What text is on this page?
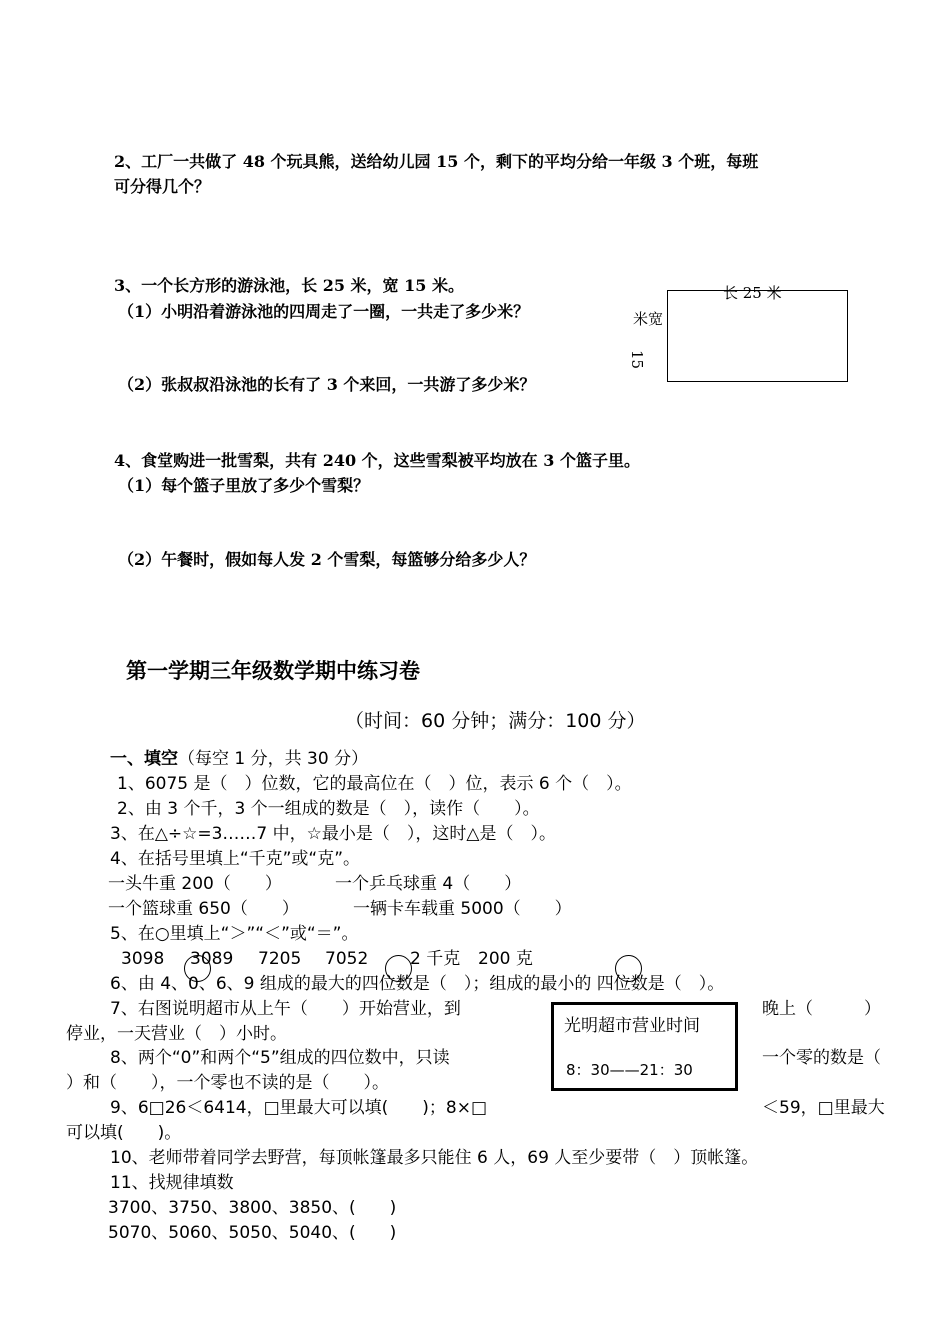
2、工厂一共做了 48 个玩具熊，送给幼儿园 15 个，剩下的平均分给一年级 3 个班，每班
可分得几个？
3、一个长方形的游泳池，长 25 米，宽 15 米。
（1）小明沿着游泳池的四周走了一圈，一共走了多少米？
（2）张叔叔沿泳池的长有了 3 个来回，一共游了多少米？
长 25 米
米宽
15
4、食堂购进一批雪梨，共有 240 个，这些雪梨被平均放在 3 个篮子里。
（1）每个篮子里放了多少个雪梨？
（2）午餐时，假如每人发 2 个雪梨，每篮够分给多少人？
第一学期三年级数学期中练习卷
（时间：60 分钟；满分：100 分）
一、填空（每空 1 分，共 30 分）
1、6075 是（　）位数，它的最高位在（　）位，表示 6 个（　）。
2、由 3 个千，3 个一组成的数是（　），读作（　　）。
3、在△÷☆=3……7 中，☆最小是（　），这时△是（　）。
4、在括号里填上“千克”或“克”。
一头牛重 200（　　）	一个乒乓球重 4（　　）
一个篮球重 650（　　）	一辆卡车载重 5000（　　）
5、在○里填上“＞”“＜”或“＝”。
3098 3089 7205 7052 2 千克 200 克
6、由 4、0、6、9 组成的最大的四位数是（　）；组成的最小的 四位数是（　）。
7、右图说明超市从上午（　　）开始营业，到	晚上（　　　）
停业，一天营业（　）小时。	光明超市营业时间
8：30——21：30
8、两个“0”和两个“5”组成的四位数中，只读	一个零的数是（
）和（　　），一个零也不读的是（　　）。
9、6□26＜6414，□里最大可以填(　　)；8×□	＜59，□里最大
可以填(　　)。
10、老师带着同学去野营，每顶帐篷最多只能住 6 人，69 人至少要带（　）顶帐篷。
11、找规律填数
3700、3750、3800、3850、(　　)
5070、5060、5050、5040、(　　)
